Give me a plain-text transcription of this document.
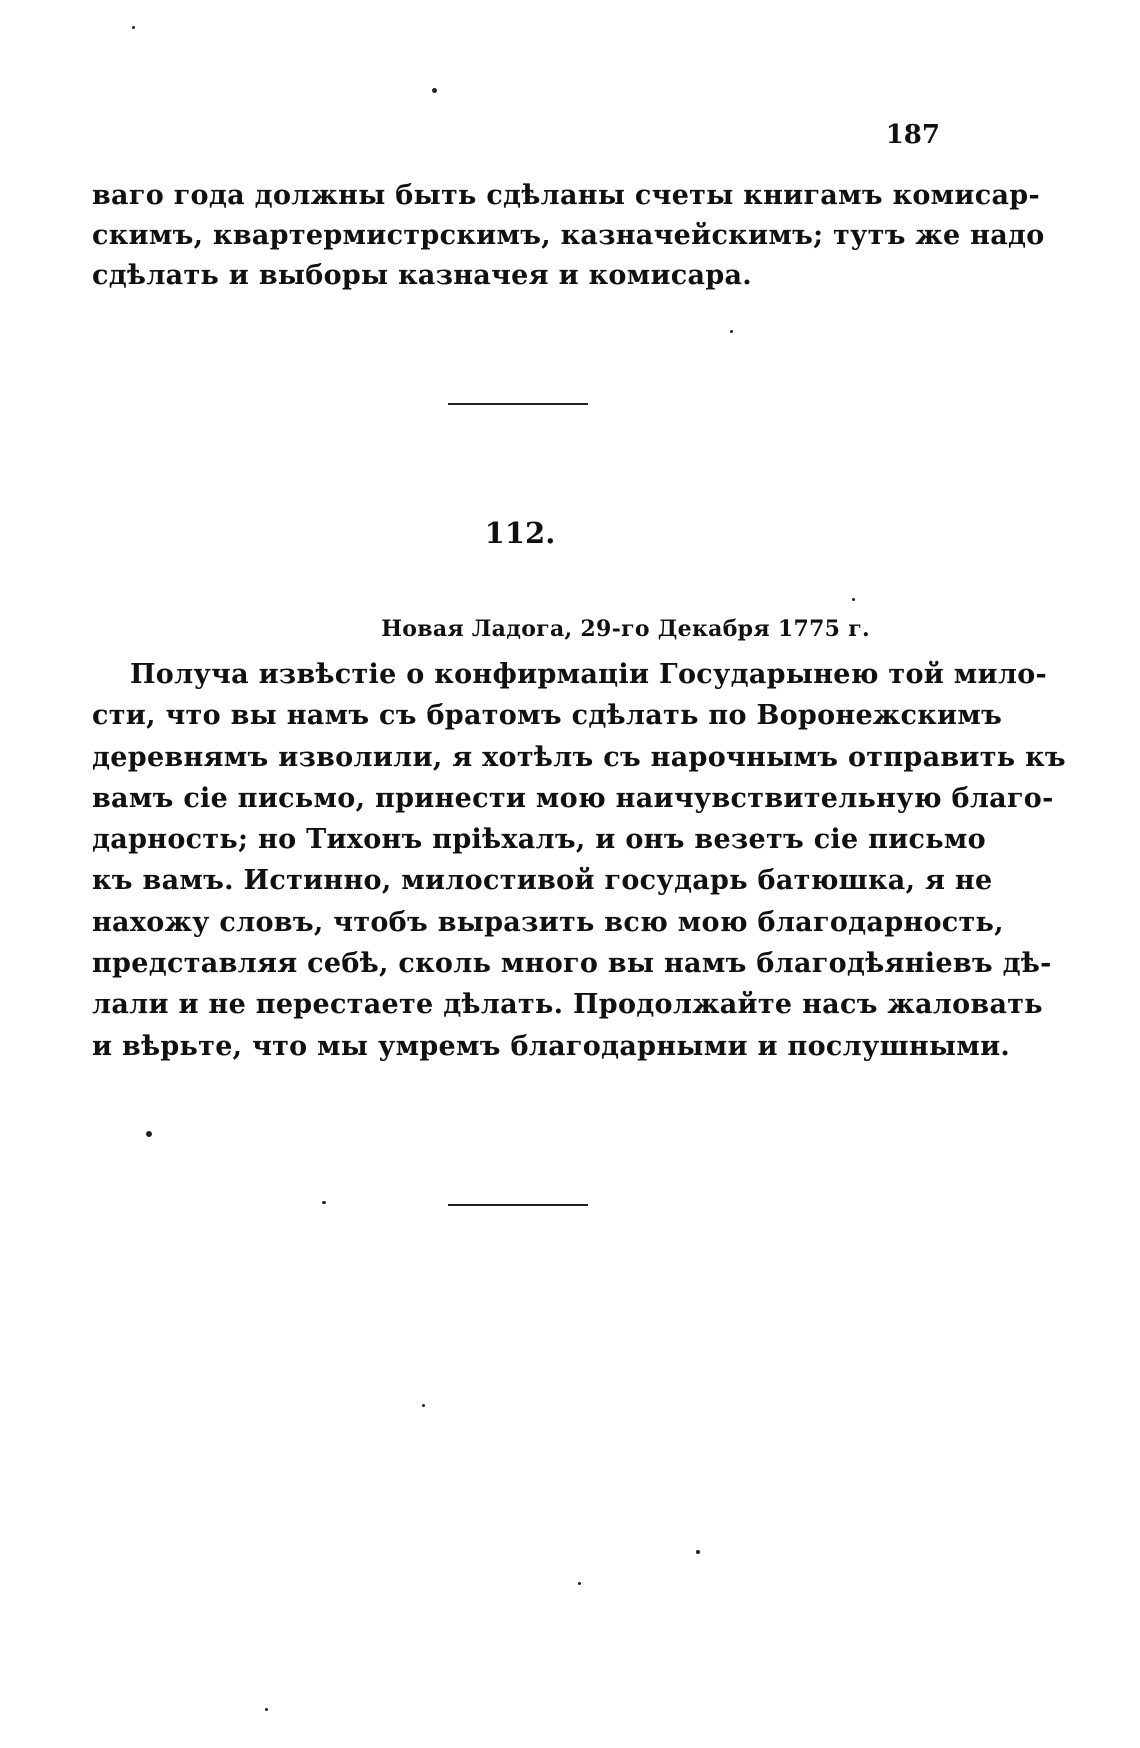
187
ваго года должны быть сдѣланы счеты книгамъ комисар-
скимъ, квартермистрскимъ, казначейскимъ; тутъ же надо
сдѣлать и выборы казначея и комисара.
112.
Новая Ладога, 29-го Декабря 1775 г.
Получа извѣстіе о конфирмаціи Государынею той мило-
сти, что вы намъ съ братомъ сдѣлать по Воронежскимъ
деревнямъ изволили, я хотѣлъ съ нарочнымъ отправить къ
вамъ сіе письмо, принести мою наичувствительную благо-
дарность; но Тихонъ пріѣхалъ, и онъ везетъ сіе письмо
къ вамъ. Истинно, милостивой государь батюшка, я не
нахожу словъ, чтобъ выразить всю мою благодарность,
представляя себѣ, сколь много вы намъ благодѣяніевъ дѣ-
лали и не перестаете дѣлать. Продолжайте насъ жаловать
и вѣрьте, что мы умремъ благодарными и послушными.
